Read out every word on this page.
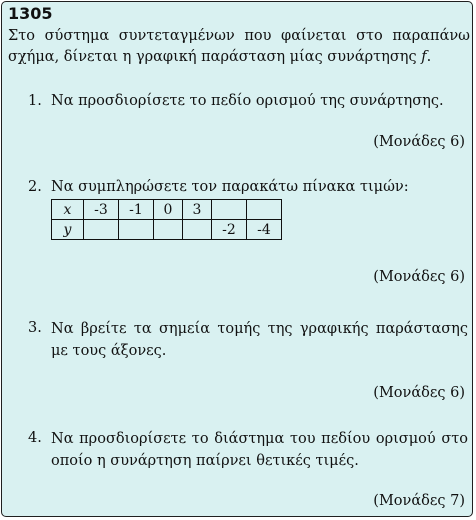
1305
Στο σύστημα συντεταγμένων που φαίνεται στο παραπάνω
σχήμα, δίνεται η γραφική παράσταση μίας συνάρτησης f.
1. Να προσδιορίσετε το πεδίο ορισμού της συνάρτησης.
(Μονάδες 6)
2. Να συμπληρώσετε τον παρακάτω πίνακα τιμών:
x	-3	-1	0	3		
y					-2	-4
(Μονάδες 6)
3. Να βρείτε τα σημεία τομής της γραφικής παράστασης
με τους άξονες.
(Μονάδες 6)
4. Να προσδιορίσετε το διάστημα του πεδίου ορισμού στο
οποίο η συνάρτηση παίρνει θετικές τιμές.
(Μονάδες 7)
